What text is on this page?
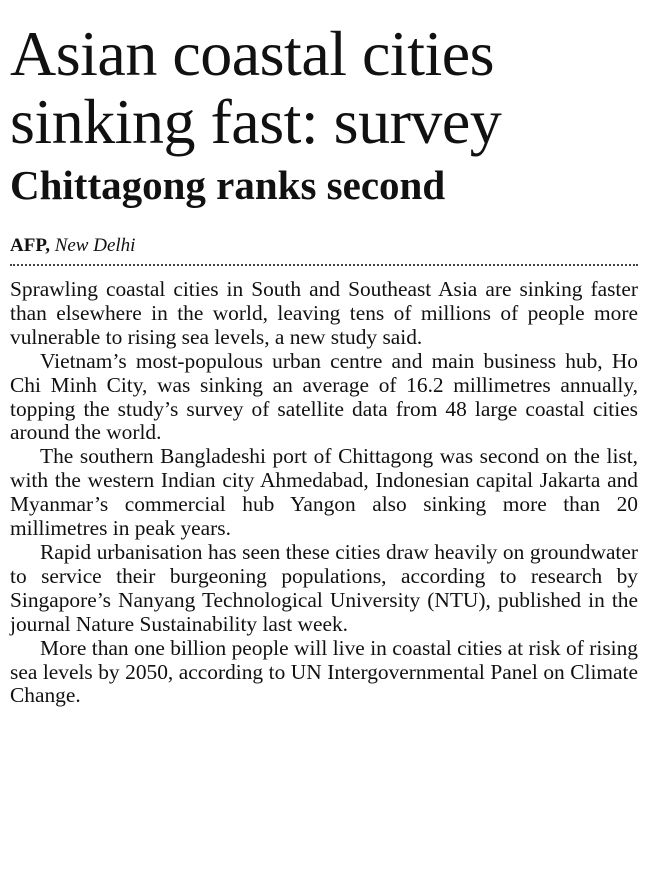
Asian coastal cities sinking fast: survey
Chittagong ranks second
AFP, New Delhi

Sprawling coastal cities in South and Southeast Asia are sinking faster than elsewhere in the world, leaving tens of millions of people more vulnerable to rising sea levels, a new study said.

Vietnam’s most-populous urban centre and main business hub, Ho Chi Minh City, was sinking an average of 16.2 millimetres annually, topping the study’s survey of satellite data from 48 large coastal cities around the world.

The southern Bangladeshi port of Chittagong was second on the list, with the western Indian city Ahmedabad, Indonesian capital Jakarta and Myanmar’s commercial hub Yangon also sinking more than 20 millimetres in peak years.

Rapid urbanisation has seen these cities draw heavily on groundwater to service their burgeoning populations, according to research by Singapore’s Nanyang Technological University (NTU), published in the journal Nature Sustainability last week.

More than one billion people will live in coastal cities at risk of rising sea levels by 2050, according to UN Intergovernmental Panel on Climate Change.
